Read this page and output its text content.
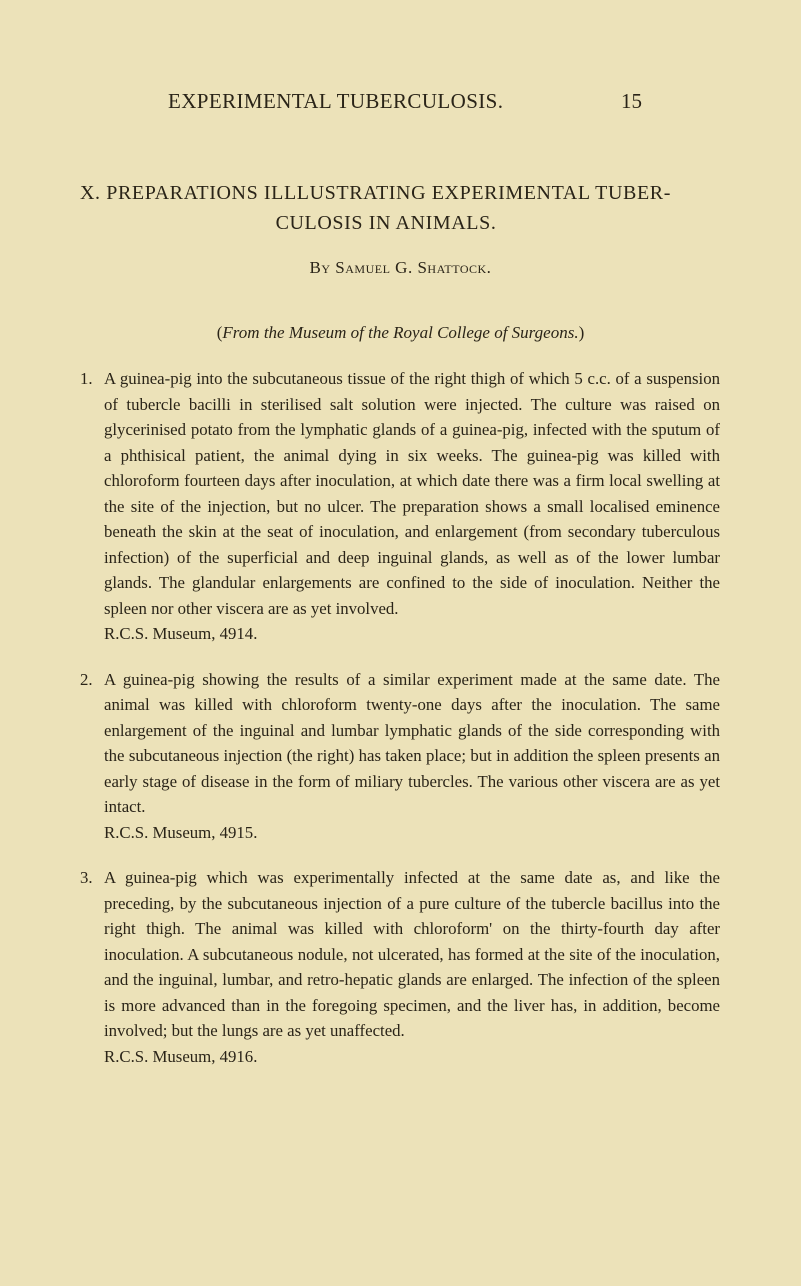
EXPERIMENTAL TUBERCULOSIS.	15
X. PREPARATIONS ILLLUSTRATING EXPERIMENTAL TUBER-
CULOSIS IN ANIMALS.
By Samuel G. Shattock.
(From the Museum of the Royal College of Surgeons.)
1. A guinea-pig into the subcutaneous tissue of the right thigh of which 5 c.c. of a suspension of tubercle bacilli in sterilised salt solution were injected. The culture was raised on glycerinised potato from the lymphatic glands of a guinea-pig, infected with the sputum of a phthisical patient, the animal dying in six weeks. The guinea-pig was killed with chloroform fourteen days after inoculation, at which date there was a firm local swelling at the site of the injection, but no ulcer. The preparation shows a small localised eminence beneath the skin at the seat of inoculation, and enlargement (from secondary tuberculous infection) of the superficial and deep inguinal glands, as well as of the lower lumbar glands. The glandular enlargements are confined to the side of inoculation. Neither the spleen nor other viscera are as yet involved.
R.C.S. Museum, 4914.
2. A guinea-pig showing the results of a similar experiment made at the same date. The animal was killed with chloroform twenty-one days after the inoculation. The same enlargement of the inguinal and lumbar lymphatic glands of the side corresponding with the subcutaneous injection (the right) has taken place; but in addition the spleen presents an early stage of disease in the form of miliary tubercles. The various other viscera are as yet intact.
R.C.S. Museum, 4915.
3. A guinea-pig which was experimentally infected at the same date as, and like the preceding, by the subcutaneous injection of a pure culture of the tubercle bacillus into the right thigh. The animal was killed with chloroform' on the thirty-fourth day after inoculation. A subcutaneous nodule, not ulcerated, has formed at the site of the inoculation, and the inguinal, lumbar, and retro-hepatic glands are enlarged. The infection of the spleen is more advanced than in the foregoing specimen, and the liver has, in addition, become involved; but the lungs are as yet unaffected.
R.C.S. Museum, 4916.
